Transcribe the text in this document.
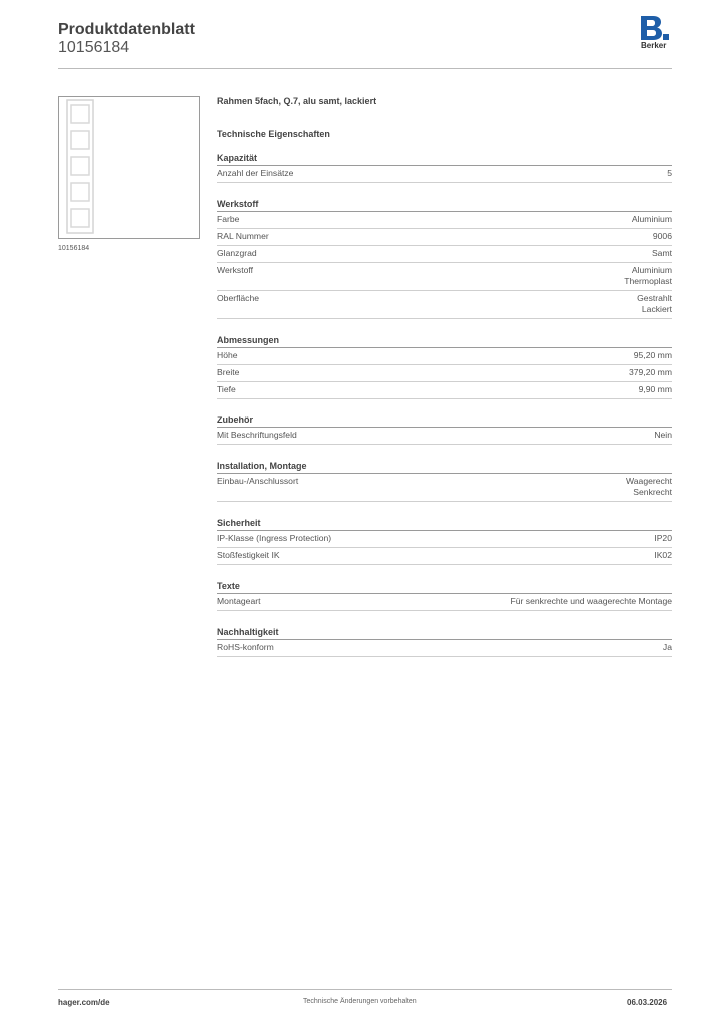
Produktdatenblatt
10156184	Berker
10156184

Rahmen 5fach, Q.7, alu samt, lackiert

Technische Eigenschaften
Kapazität
Anzahl der Einsätze	5
Werkstoff
Farbe	Aluminium
RAL Nummer	9006
Glanzgrad	Samt
Werkstoff	Aluminium
Thermoplast
Oberfläche	Gestrahlt
Lackiert
Abmessungen
Höhe	95,20 mm
Breite	379,20 mm
Tiefe	9,90 mm
Zubehör
Mit Beschriftungsfeld	Nein
Installation, Montage
Einbau-/Anschlussort	Waagerecht
Senkrecht
Sicherheit
IP-Klasse (Ingress Protection)	IP20
Stoßfestigkeit IK	IK02
Texte
Montageart	Für senkrechte und waagerechte Montage
Nachhaltigkeit
RoHS-konform	Ja
hager.com/de	Technische Änderungen vorbehalten	06.03.2026
